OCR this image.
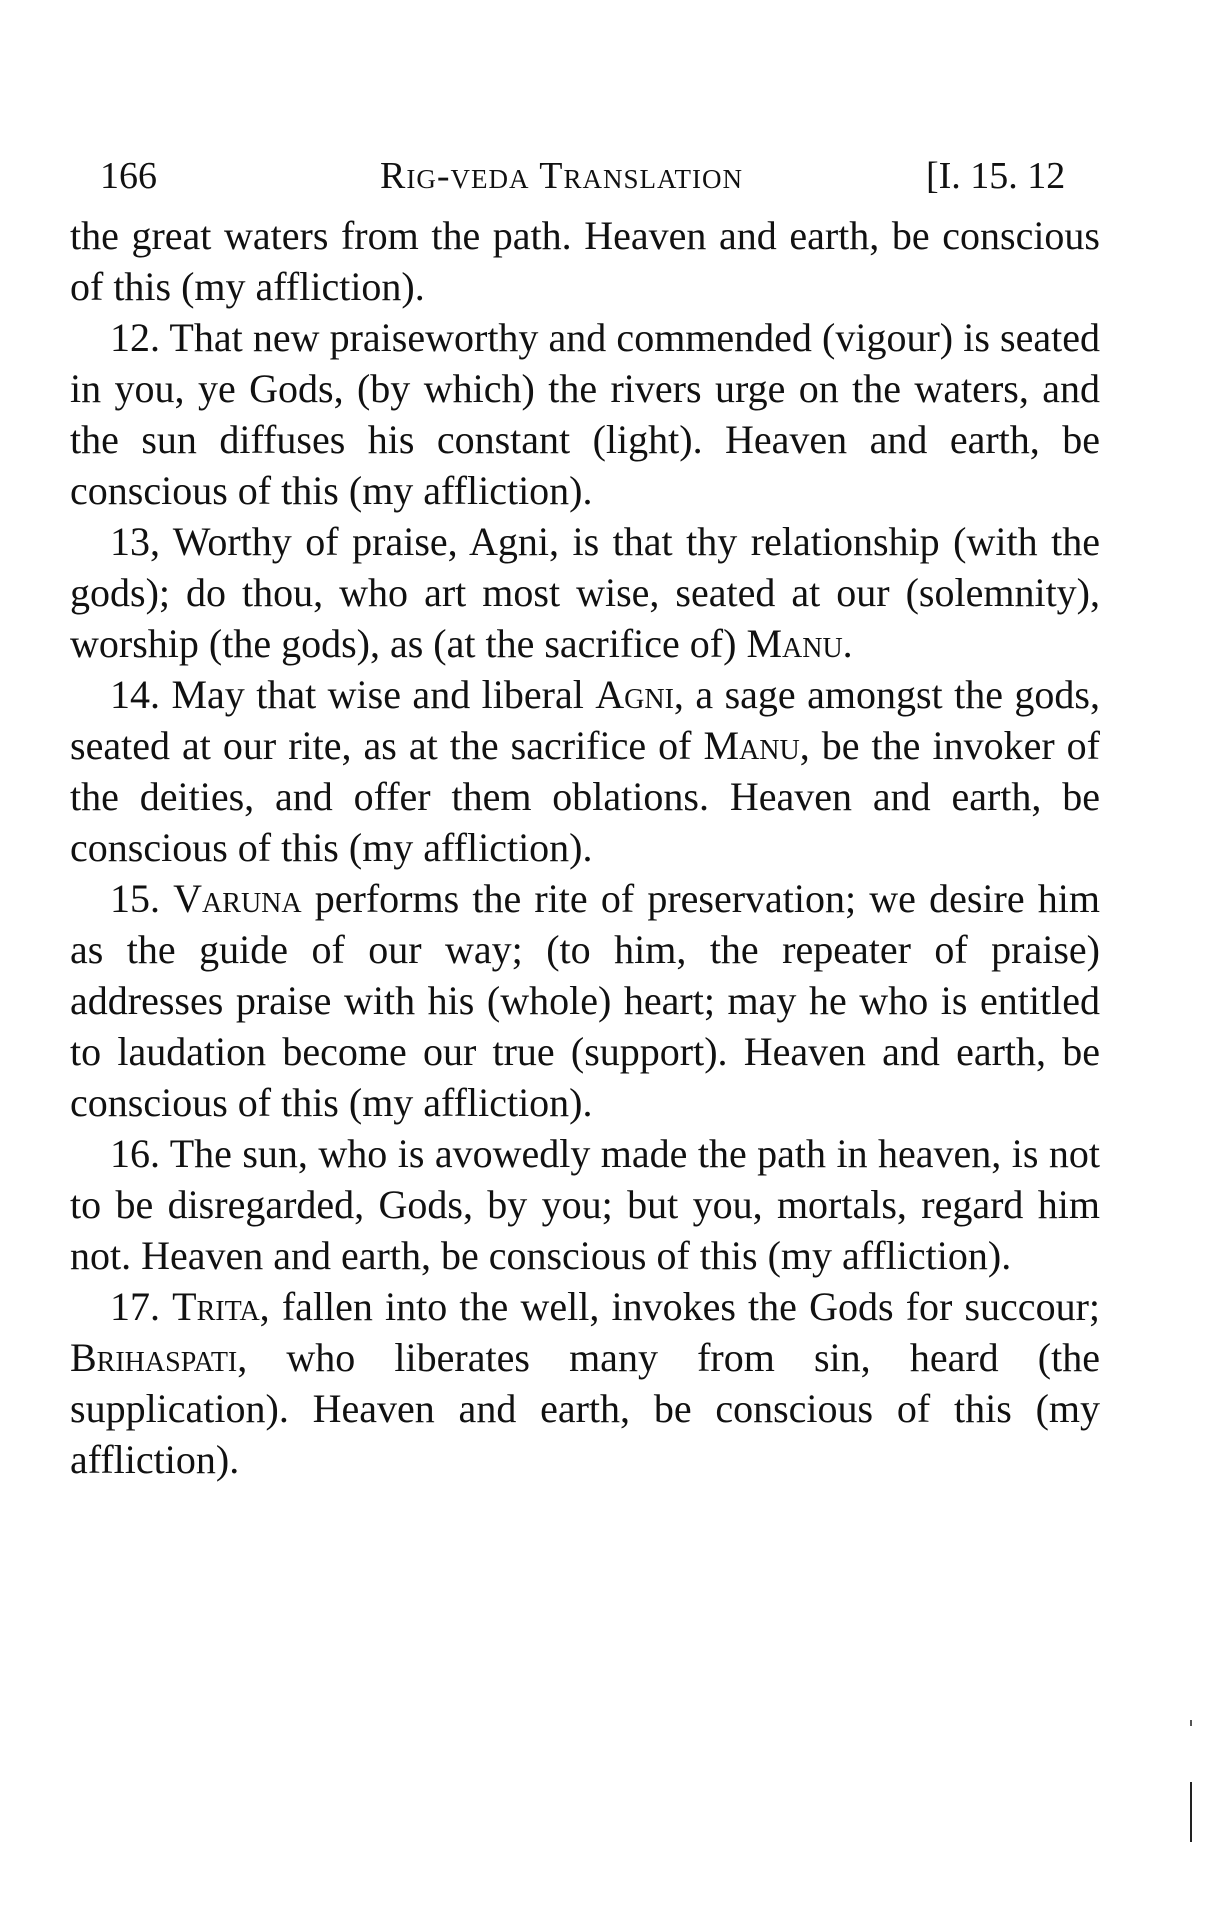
166	Rig-veda Translation	[I. 15. 12

the great waters from the path. Heaven and earth, be conscious of this (my affliction).

12. That new praiseworthy and commended (vigour) is seated in you, ye Gods, (by which) the rivers urge on the waters, and the sun diffuses his constant (light). Heaven and earth, be conscious of this (my affliction).

13, Worthy of praise, Agni, is that thy relationship (with the gods); do thou, who art most wise, seated at our (solemnity), worship (the gods), as (at the sacrifice of) Manu.

14. May that wise and liberal Agni, a sage amongst the gods, seated at our rite, as at the sacrifice of Manu, be the invoker of the deities, and offer them oblations. Heaven and earth, be conscious of this (my affliction).

15. Varuna performs the rite of preservation; we desire him as the guide of our way; (to him, the repeater of praise) addresses praise with his (whole) heart; may he who is entitled to laudation become our true (support). Heaven and earth, be conscious of this (my affliction).

16. The sun, who is avowedly made the path in heaven, is not to be disregarded, Gods, by you; but you, mortals, regard him not. Heaven and earth, be conscious of this (my affliction).

17. Trita, fallen into the well, invokes the Gods for succour; Brihaspati, who liberates many from sin, heard (the supplication). Heaven and earth, be conscious of this (my affliction).
